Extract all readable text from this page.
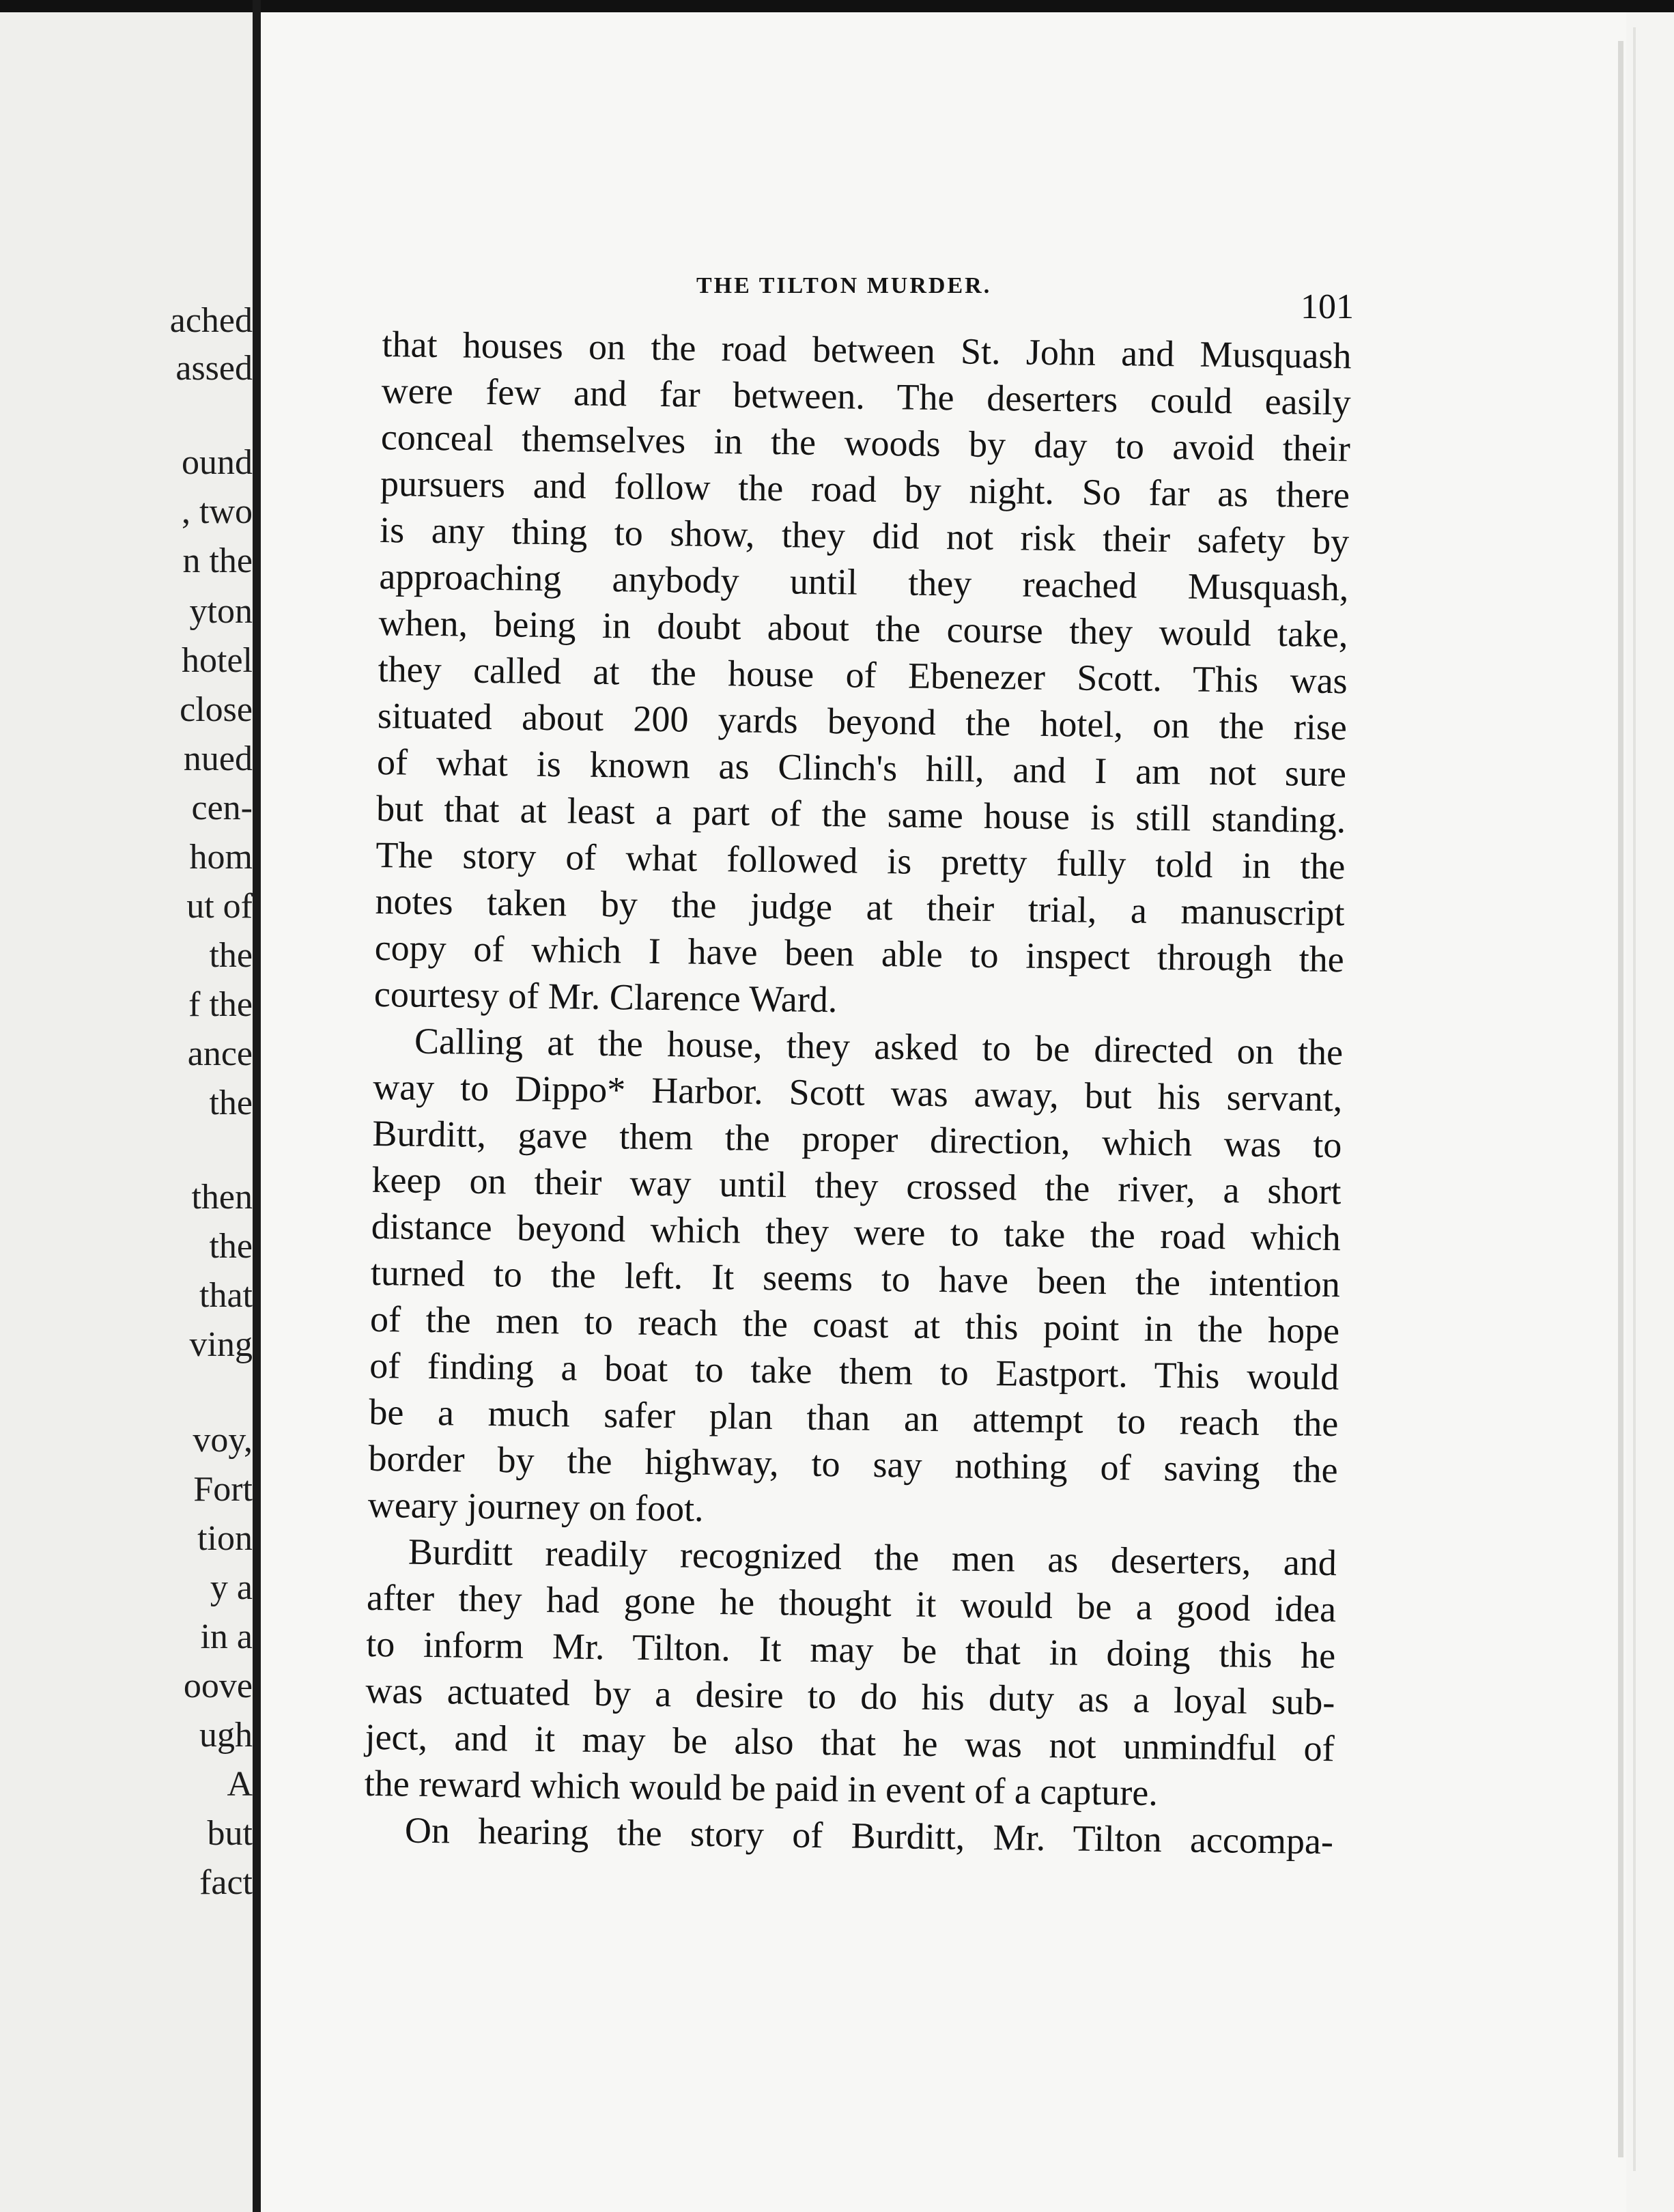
ached
assed
ound
, two
n the
yton
hotel
close
nued
cen-
hom
ut of
the
f the
ance
the
then
the
that
ving
voy,
Fort
tion
y a
in a
oove
ugh
A
but
fact
THE TILTON MURDER.
101
that houses on the road between St. John and Musquash
were few and far between. The deserters could easily
conceal themselves in the woods by day to avoid their
pursuers and follow the road by night. So far as there
is any thing to show, they did not risk their safety by
approaching anybody until they reached Musquash,
when, being in doubt about the course they would take,
they called at the house of Ebenezer Scott. This was
situated about 200 yards beyond the hotel, on the rise
of what is known as Clinch's hill, and I am not sure
but that at least a part of the same house is still standing.
The story of what followed is pretty fully told in the
notes taken by the judge at their trial, a manuscript
copy of which I have been able to inspect through the
courtesy of Mr. Clarence Ward.
Calling at the house, they asked to be directed on the
way to Dippo* Harbor. Scott was away, but his servant,
Burditt, gave them the proper direction, which was to
keep on their way until they crossed the river, a short
distance beyond which they were to take the road which
turned to the left. It seems to have been the intention
of the men to reach the coast at this point in the hope
of finding a boat to take them to Eastport. This would
be a much safer plan than an attempt to reach the
border by the highway, to say nothing of saving the
weary journey on foot.
Burditt readily recognized the men as deserters, and
after they had gone he thought it would be a good idea
to inform Mr. Tilton. It may be that in doing this he
was actuated by a desire to do his duty as a loyal sub-
ject, and it may be also that he was not unmindful of
the reward which would be paid in event of a capture.
On hearing the story of Burditt, Mr. Tilton accompa-
